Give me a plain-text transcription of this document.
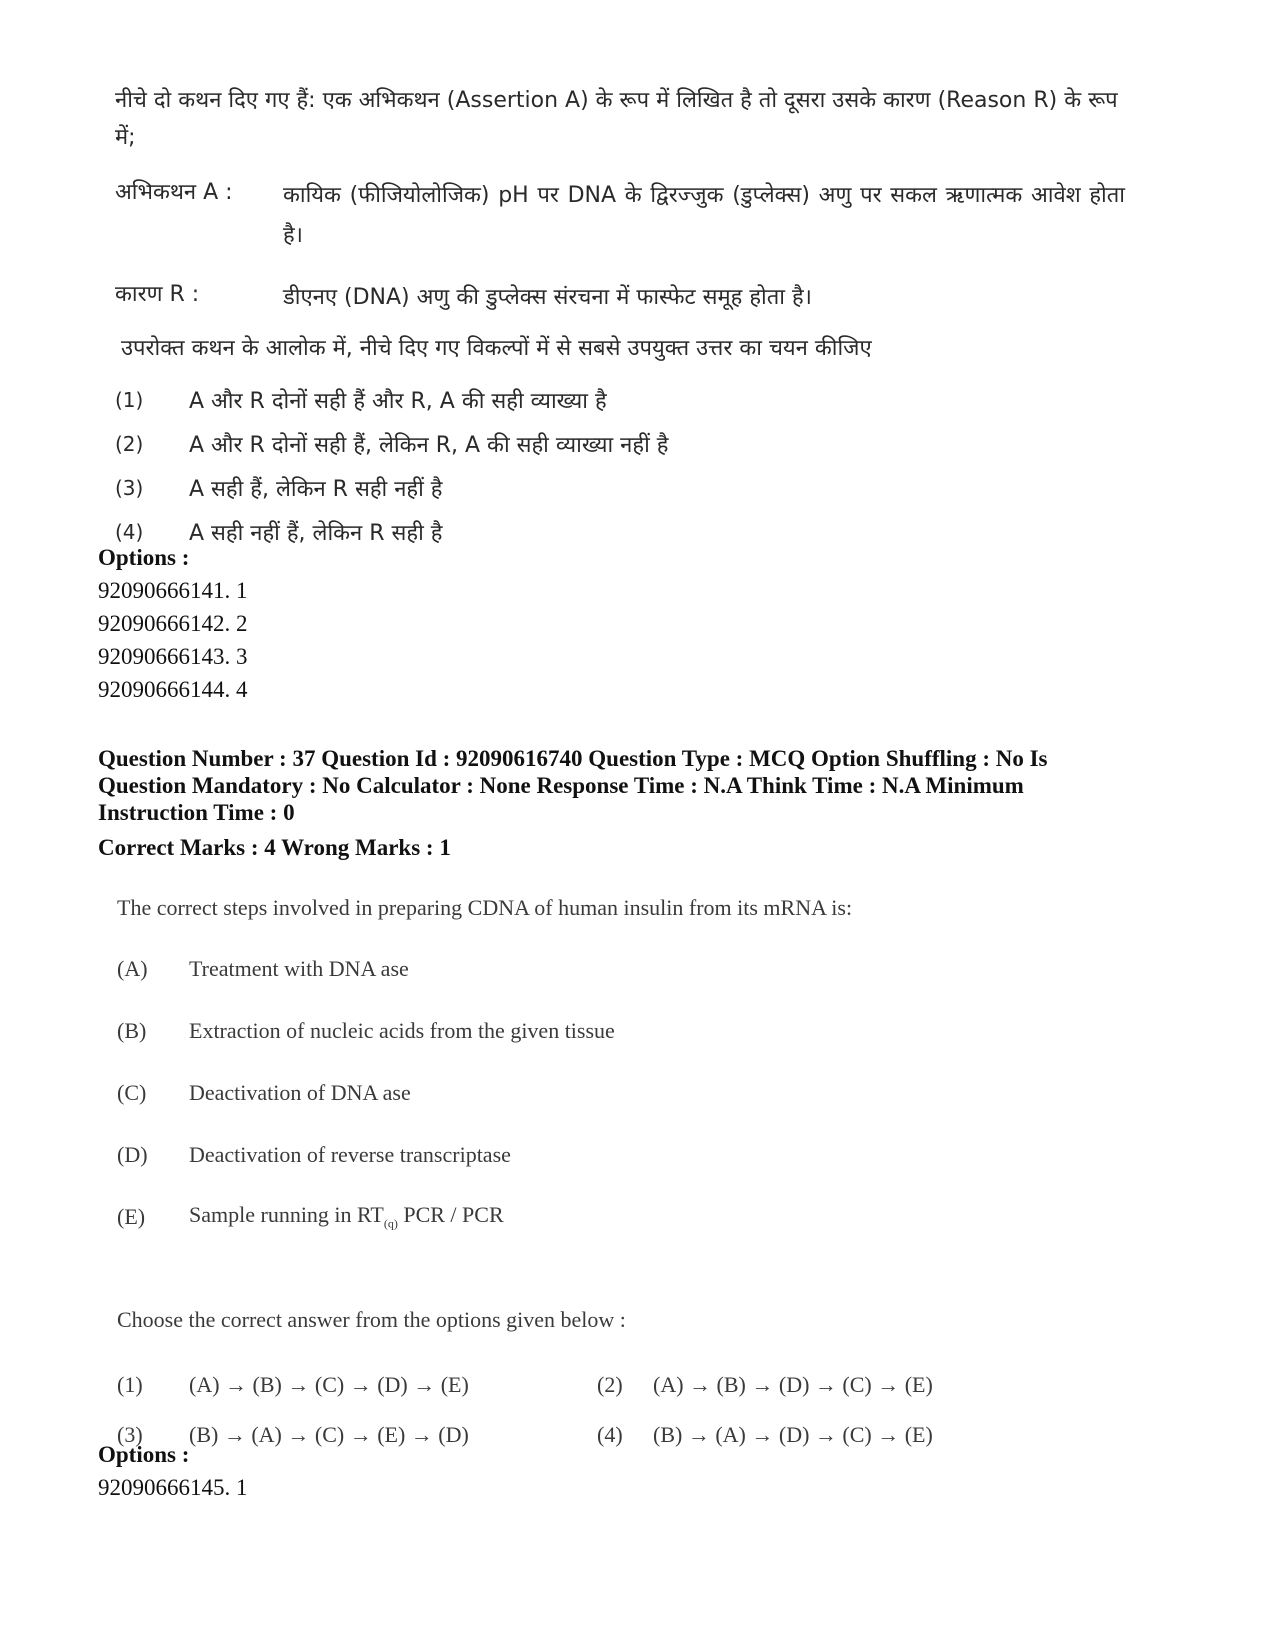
नीचे दो कथन दिए गए हैं: एक अभिकथन (Assertion A) के रूप में लिखित है तो दूसरा उसके कारण (Reason R) के रूप में;

अभिकथन A :	कायिक (फीजियोलोजिक) pH पर DNA के द्विरज्जुक (डुप्लेक्स) अणु पर सकल ऋणात्मक आवेश होता है।
कारण R :	डीएनए (DNA) अणु की डुप्लेक्स संरचना में फास्फेट समूह होता है।
उपरोक्त कथन के आलोक में, नीचे दिए गए विकल्पों में से सबसे उपयुक्त उत्तर का चयन कीजिए
(1)	A और R दोनों सही हैं और R, A की सही व्याख्या है
(2)	A और R दोनों सही हैं, लेकिन R, A की सही व्याख्या नहीं है
(3)	A सही हैं, लेकिन R सही नहीं है
(4)	A सही नहीं हैं, लेकिन R सही है
Options :
92090666141. 1
92090666142. 2
92090666143. 3
92090666144. 4
Question Number : 37 Question Id : 92090616740 Question Type : MCQ Option Shuffling : No Is
Question Mandatory : No Calculator : None Response Time : N.A Think Time : N.A Minimum
Instruction Time : 0
Correct Marks : 4 Wrong Marks : 1
The correct steps involved in preparing CDNA of human insulin from its mRNA is:
(A)	Treatment with DNA ase
(B)	Extraction of nucleic acids from the given tissue
(C)	Deactivation of DNA ase
(D)	Deactivation of reverse transcriptase
(E)	Sample running in $RT_{(q)}$ PCR / PCR
Choose the correct answer from the options given below :
(1)	(A) → (B) → (C) → (D) → (E)	(2)	(A) → (B) → (D) → (C) → (E)
(3)	(B) → (A) → (C) → (E) → (D)	(4)	(B) → (A) → (D) → (C) → (E)
Options :
92090666145. 1
